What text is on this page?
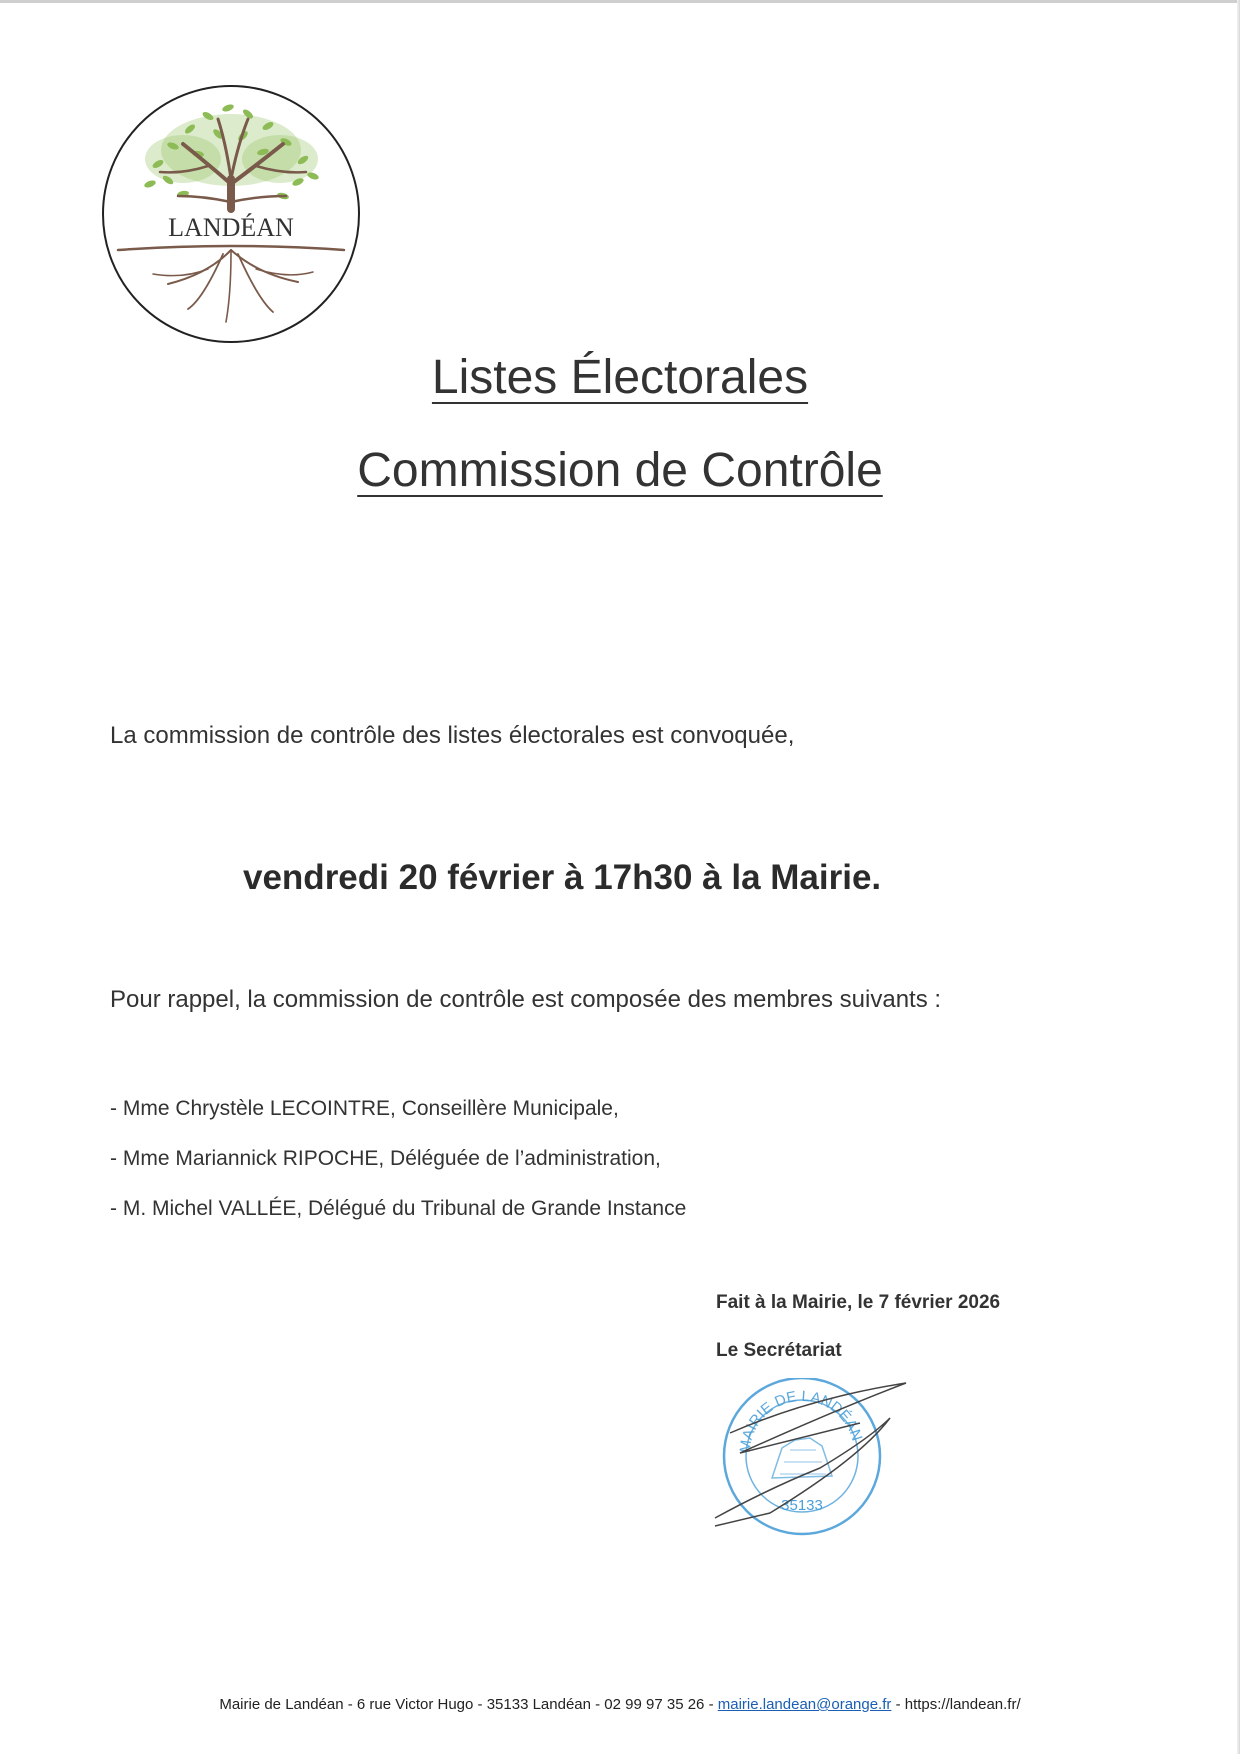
LANDÉAN
Listes Électorales
Commission de Contrôle

La commission de contrôle des listes électorales est convoquée,

vendredi 20 février à 17h30 à la Mairie.

Pour rappel, la commission de contrôle est composée des membres suivants :

- Mme Chrystèle LECOINTRE, Conseillère Municipale,
- Mme Mariannick RIPOCHE, Déléguée de l’administration,
- M. Michel VALLÉE, Délégué du Tribunal de Grande Instance

Fait à la Mairie, le 7 février 2026

Le Secrétariat

MAIRIE DE LANDÉAN
35133

Mairie de Landéan - 6 rue Victor Hugo - 35133 Landéan - 02 99 97 35 26 - mairie.landean@orange.fr - https://landean.fr/
